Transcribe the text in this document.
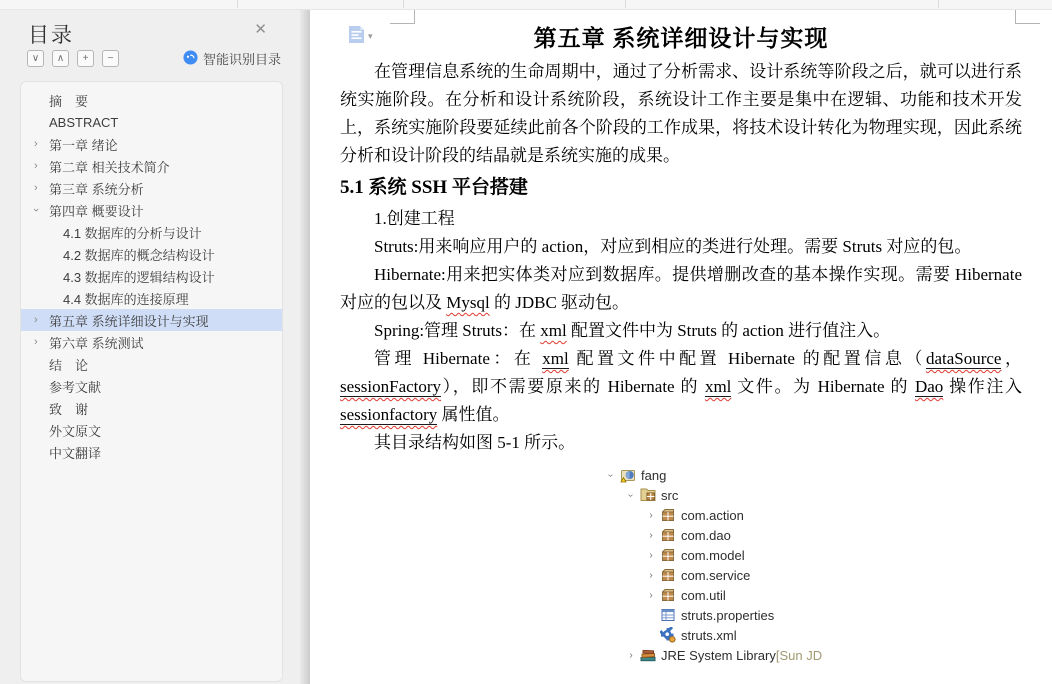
目录	✕
∨	∧	+	−	智能识别目录
摘　要
ABSTRACT
› 第一章 绪论
› 第二章 相关技术简介
› 第三章 系统分析
› 第四章 概要设计
4.1 数据库的分析与设计
4.2 数据库的概念结构设计
4.3 数据库的逻辑结构设计
4.4 数据库的连接原理
› 第五章 系统详细设计与实现
› 第六章 系统测试
结　论
参考文献
致　谢
外文原文
中文翻译
▾	第五章 系统详细设计与实现

在管理信息系统的生命周期中，通过了分析需求、设计系统等阶段之后，就可以进行系统实施阶段。在分析和设计系统阶段，系统设计工作主要是集中在逻辑、功能和技术开发上，系统实施阶段要延续此前各个阶段的工作成果，将技术设计转化为物理实现，因此系统分析和设计阶段的结晶就是系统实施的成果。

5.1 系统 SSH 平台搭建

1.创建工程

Struts:用来响应用户的 action，对应到相应的类进行处理。需要 Struts 对应的包。

Hibernate:用来把实体类对应到数据库。提供增删改查的基本操作实现。需要 Hibernate 对应的包以及 Mysql 的 JDBC 驱动包。

Spring:管理 Struts：在 xml 配置文件中为 Struts 的 action 进行值注入。

管理 Hibernate：在 xml 配置文件中配置 Hibernate 的配置信息（dataSource，sessionFactory），即不需要原来的 Hibernate 的 xml 文件。为 Hibernate 的 Dao 操作注入 sessionfactory 属性值。

其目录结构如图 5-1 所示。

› fang
› src
›	com.action
›	com.dao
›	com.model
›	com.service
›	com.util
struts.properties
struts.xml
›	JRE System Library [Sun JD
